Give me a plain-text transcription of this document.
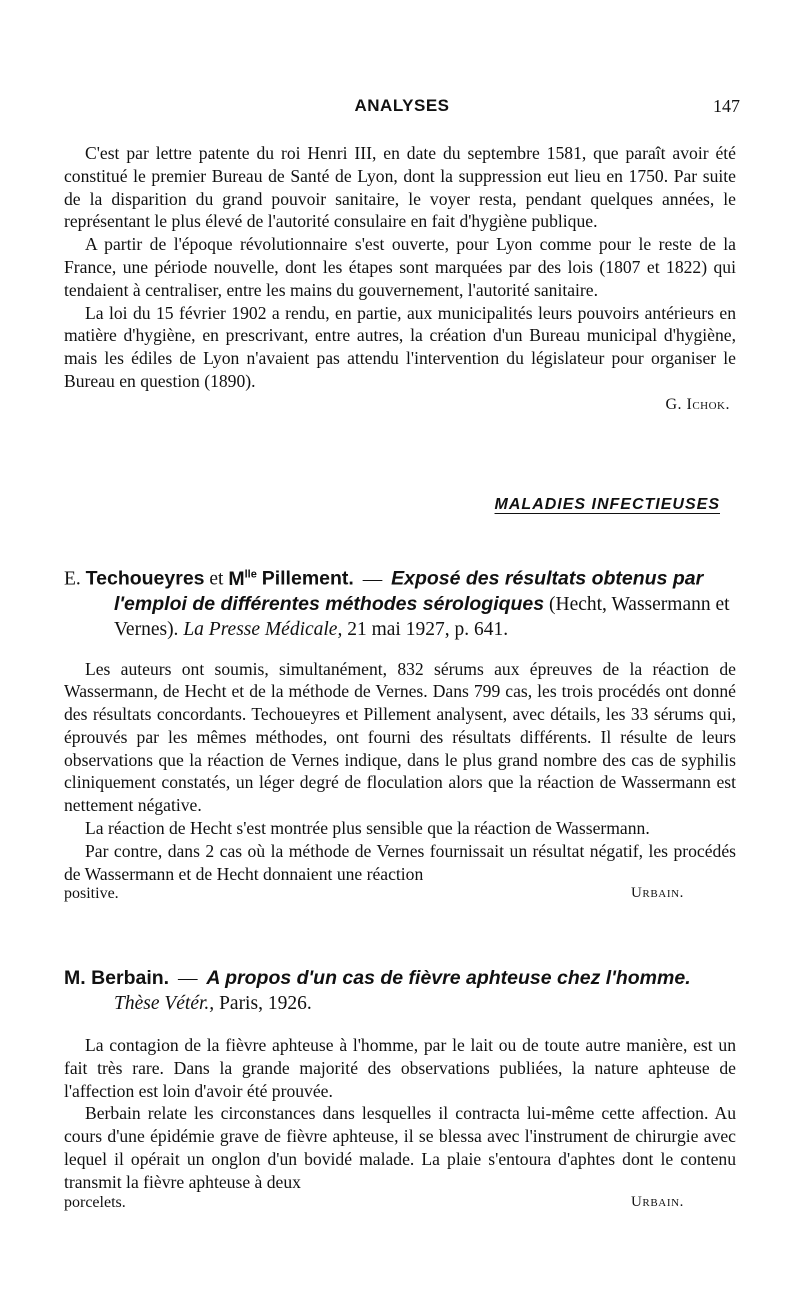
ANALYSES	147

C'est par lettre patente du roi Henri III, en date du septembre 1581, que paraît avoir été constitué le premier Bureau de Santé de Lyon, dont la suppression eut lieu en 1750. Par suite de la disparition du grand pouvoir sanitaire, le voyer resta, pendant quelques années, le représentant le plus élevé de l'autorité consulaire en fait d'hygiène publique.

A partir de l'époque révolutionnaire s'est ouverte, pour Lyon comme pour le reste de la France, une période nouvelle, dont les étapes sont marquées par des lois (1807 et 1822) qui tendaient à centraliser, entre les mains du gouvernement, l'autorité sanitaire.

La loi du 15 février 1902 a rendu, en partie, aux municipalités leurs pouvoirs antérieurs en matière d'hygiène, en prescrivant, entre autres, la création d'un Bureau municipal d'hygiène, mais les édiles de Lyon n'avaient pas attendu l'intervention du législateur pour organiser le Bureau en question (1890).

G. Ichok.
MALADIES INFECTIEUSES
E. Techoueyres et $M^{lle}$ Pillement. — Exposé des résultats obtenus par l'emploi de différentes méthodes sérologiques (Hecht, Wassermann et Vernes). La Presse Médicale, 21 mai 1927, p. 641.

Les auteurs ont soumis, simultanément, 832 sérums aux épreuves de la réaction de Wassermann, de Hecht et de la méthode de Vernes. Dans 799 cas, les trois procédés ont donné des résultats concordants. Techoueyres et Pillement analysent, avec détails, les 33 sérums qui, éprouvés par les mêmes méthodes, ont fourni des résultats différents. Il résulte de leurs observations que la réaction de Vernes indique, dans le plus grand nombre des cas de syphilis cliniquement constatés, un léger degré de floculation alors que la réaction de Wassermann est nettement négative.

La réaction de Hecht s'est montrée plus sensible que la réaction de Wassermann.

Par contre, dans 2 cas où la méthode de Vernes fournissait un résultat négatif, les procédés de Wassermann et de Hecht donnaient une réaction

positive.	Urbain.
M. Berbain. — A propos d'un cas de fièvre aphteuse chez l'homme. Thèse Vétér., Paris, 1926.

La contagion de la fièvre aphteuse à l'homme, par le lait ou de toute autre manière, est un fait très rare. Dans la grande majorité des observations publiées, la nature aphteuse de l'affection est loin d'avoir été prouvée.

Berbain relate les circonstances dans lesquelles il contracta lui-même cette affection. Au cours d'une épidémie grave de fièvre aphteuse, il se blessa avec l'instrument de chirurgie avec lequel il opérait un onglon d'un bovidé malade. La plaie s'entoura d'aphtes dont le contenu transmit la fièvre aphteuse à deux

porcelets.	Urbain.
